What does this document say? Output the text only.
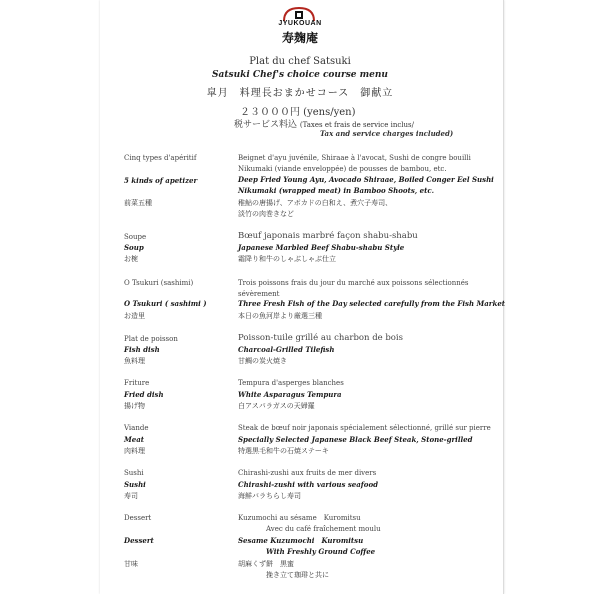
JYUKOUAN
寿麹庵
Plat du chef Satsuki
Satsuki Chef's choice course menu
皐月　料理長おまかせコース　御献立
２３０００円 (yens/yen)
税サービス料込 (Taxes et frais de service inclus/
Tax and service charges included)
Cinq types d'apéritif
5 kinds of apetizer
前菜五種
Beignet d'ayu juvénile, Shiraae à l'avocat, Sushi de congre bouilli
Nikumaki (viande enveloppée) de pousses de bambou, etc.
Deep Fried Young Ayu, Avocado Shiraae, Boiled Conger Eel Sushi
Nikumaki (wrapped meat) in Bamboo Shoots, etc.
稚鮎の唐揚げ、アボカドの白和え、煮穴子寿司、
淡竹の肉巻きなど
Soupe
Soup
お椀
Bœuf japonais marbré façon shabu-shabu
Japanese Marbled Beef Shabu-shabu Style
霜降り和牛のしゃぶしゃぶ仕立
O Tsukuri (sashimi)
O Tsukuri ( sashimi )
お造里
Trois poissons frais du jour du marché aux poissons sélectionnés
sévèrement
Three Fresh Fish of the Day selected carefully from the Fish Market
本日の魚河岸より厳選三種
Plat de poisson
Fish dish
魚料理
Poisson-tuile grillé au charbon de bois
Charcoal-Grilled Tilefish
甘鯛の炭火焼き
Friture
Fried dish
揚げ物
Tempura d'asperges blanches
White Asparagus Tempura
白アスパラガスの天婦羅
Viande
Meat
肉料理
Steak de bœuf noir japonais spécialement sélectionné, grillé sur pierre
Specially Selected Japanese Black Beef Steak, Stone-grilled
特選黒毛和牛の石焼ステーキ
Sushi
Sushi
寿司
Chirashi-zushi aux fruits de mer divers
Chirashi-zushi with various seafood
海鮮バラちらし寿司
Dessert
Dessert
甘味
Kuzumochi au sésame　Kuromitsu
Avec du café fraîchement moulu
Sesame Kuzumochi　Kuromitsu
With Freshly Ground Coffee
胡麻くず餅　黒蜜
挽き立て珈琲と共に
